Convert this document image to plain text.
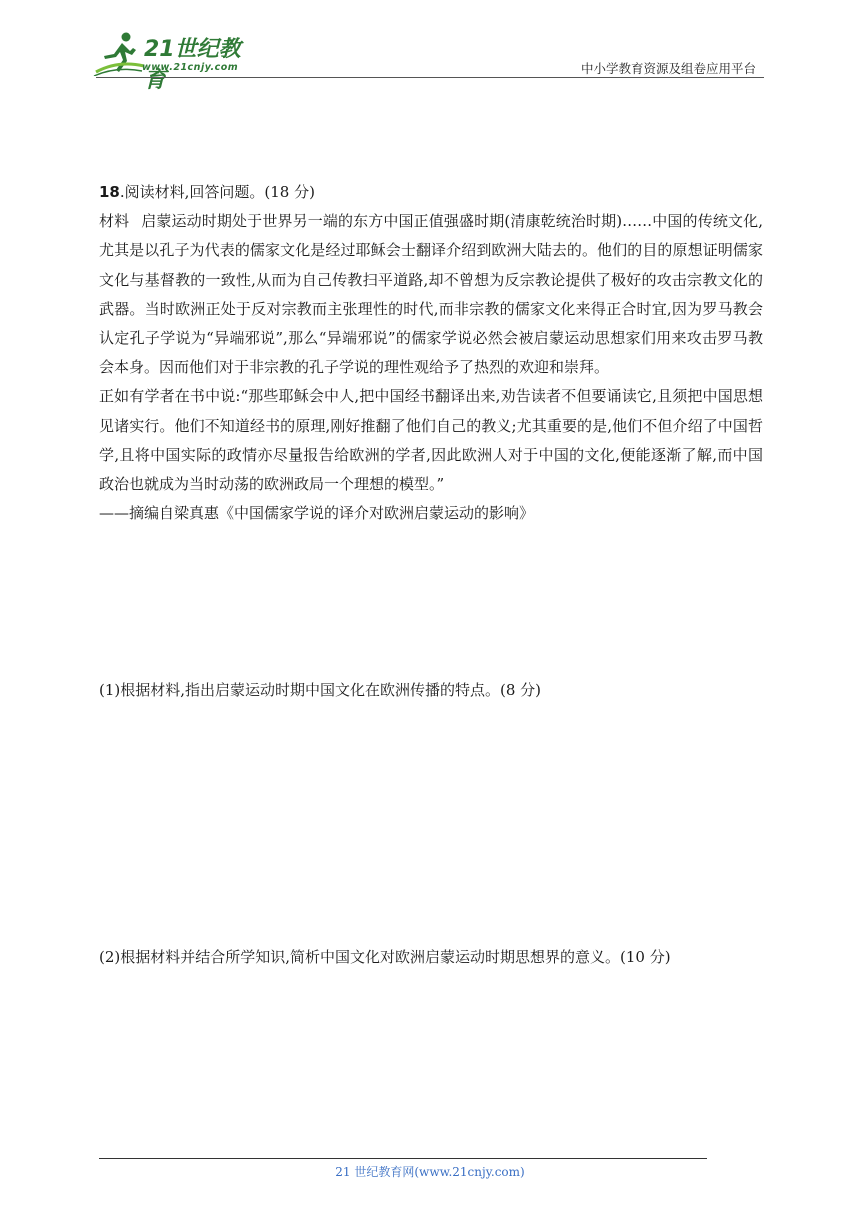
21世纪教育
www.21cnjy.com	中小学教育资源及组卷应用平台

18.阅读材料,回答问题。(18 分)

材料 启蒙运动时期处于世界另一端的东方中国正值强盛时期(清康乾统治时期)……中国的传统文化,尤其是以孔子为代表的儒家文化是经过耶稣会士翻译介绍到欧洲大陆去的。他们的目的原想证明儒家文化与基督教的一致性,从而为自己传教扫平道路,却不曾想为反宗教论提供了极好的攻击宗教文化的武器。当时欧洲正处于反对宗教而主张理性的时代,而非宗教的儒家文化来得正合时宜,因为罗马教会认定孔子学说为“异端邪说”,那么“异端邪说”的儒家学说必然会被启蒙运动思想家们用来攻击罗马教会本身。因而他们对于非宗教的孔子学说的理性观给予了热烈的欢迎和崇拜。

正如有学者在书中说:“那些耶稣会中人,把中国经书翻译出来,劝告读者不但要诵读它,且须把中国思想见诸实行。他们不知道经书的原理,刚好推翻了他们自己的教义;尤其重要的是,他们不但介绍了中国哲学,且将中国实际的政情亦尽量报告给欧洲的学者,因此欧洲人对于中国的文化,便能逐渐了解,而中国政治也就成为当时动荡的欧洲政局一个理想的模型。”

——摘编自梁真惠《中国儒家学说的译介对欧洲启蒙运动的影响》

(1)根据材料,指出启蒙运动时期中国文化在欧洲传播的特点。(8 分)
(2)根据材料并结合所学知识,简析中国文化对欧洲启蒙运动时期思想界的意义。(10 分)
21 世纪教育网(www.21cnjy.com)
